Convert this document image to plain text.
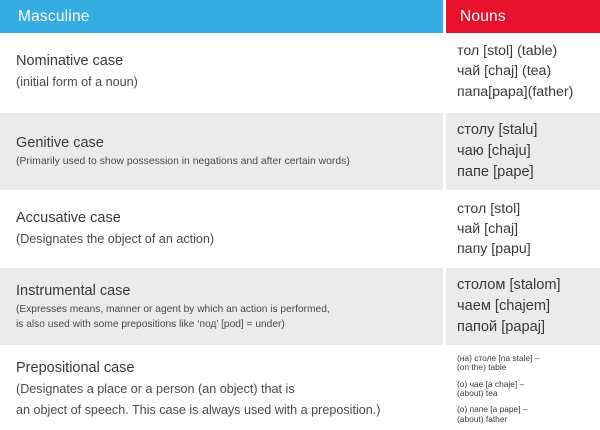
Masculine	Nouns
Nominative case
(initial form of a noun)
тол [stol] (table)
чай [chaj] (tea)
папа[papa](father)
Genitive case
(Primarily used to show possession in negations and after certain words)
столу [stalu]
чаю [chaju]
папе [pape]
Accusative case
(Designates the object of an action)
стол [stol]
чай [chaj]
папу [papu]
Instrumental case
(Expresses means, manner or agent by which an action is performed,
is also used with some prepositions like ‘под’ [pod] = under)
столом [stalom]
чаем [chajem]
папой [papaj]
Prepositional case
(Designates a place or a person (an object) that is
an object of speech. This case is always used with a preposition.)
(на) столе [na stale] –
(on the) table
(о) чае [a chaje] –
(about) tea
(о) папе [a pape] –
(about) father
